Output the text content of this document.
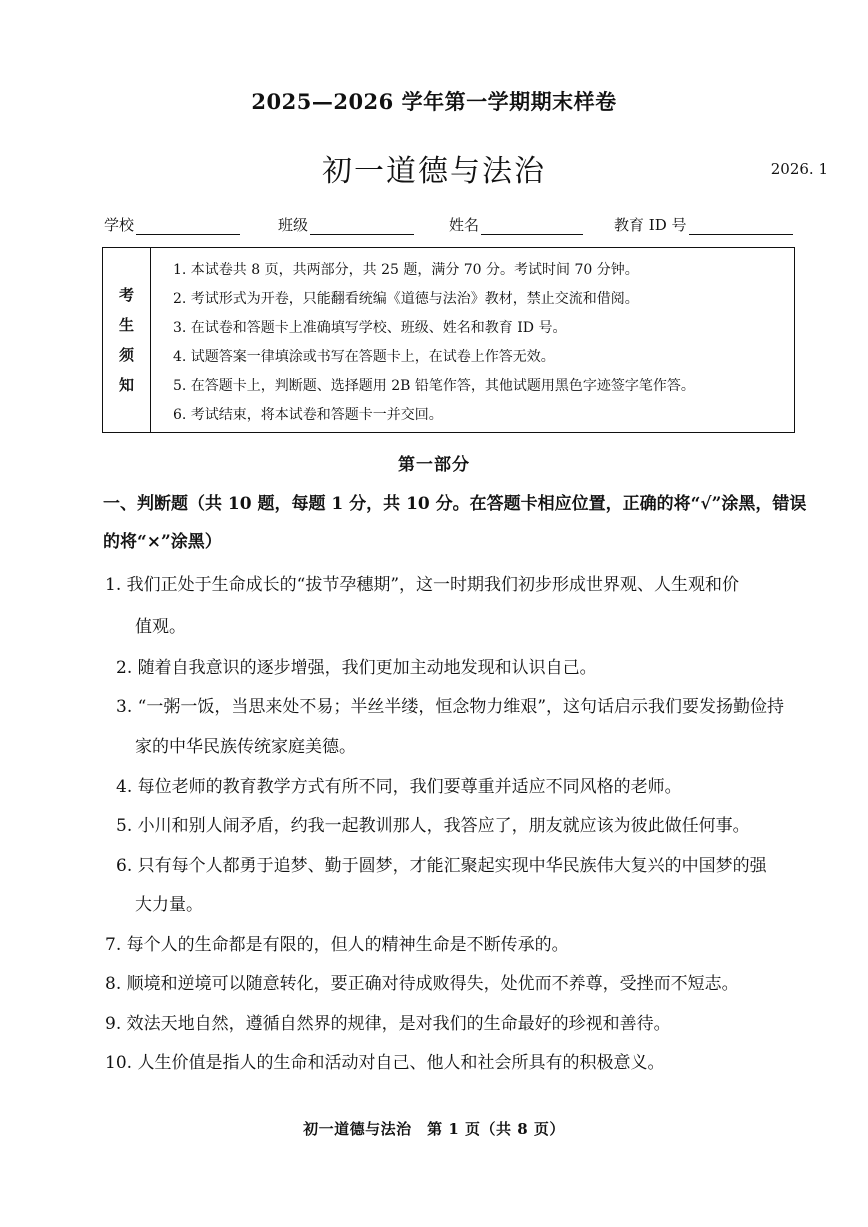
2025—2026 学年第一学期期末样卷
初一道德与法治	2026. 1
学校	班级	姓名	教育 ID 号
考
生
须
知
1. 本试卷共 8 页，共两部分，共 25 题，满分 70 分。考试时间 70 分钟。
2. 考试形式为开卷，只能翻看统编《道德与法治》教材，禁止交流和借阅。
3. 在试卷和答题卡上准确填写学校、班级、姓名和教育 ID 号。
4. 试题答案一律填涂或书写在答题卡上，在试卷上作答无效。
5. 在答题卡上，判断题、选择题用 2B 铅笔作答，其他试题用黑色字迹签字笔作答。
6. 考试结束，将本试卷和答题卡一并交回。
第一部分
一、判断题（共 10 题，每题 1 分，共 10 分。在答题卡相应位置，正确的将“√”涂黑，错误的将“×”涂黑）
1. 我们正处于生命成长的“拔节孕穗期”，这一时期我们初步形成世界观、人生观和价
值观。
2. 随着自我意识的逐步增强，我们更加主动地发现和认识自己。
3. “一粥一饭，当思来处不易；半丝半缕，恒念物力维艰”，这句话启示我们要发扬勤俭持
家的中华民族传统家庭美德。
4. 每位老师的教育教学方式有所不同，我们要尊重并适应不同风格的老师。
5. 小川和别人闹矛盾，约我一起教训那人，我答应了，朋友就应该为彼此做任何事。
6. 只有每个人都勇于追梦、勤于圆梦，才能汇聚起实现中华民族伟大复兴的中国梦的强
大力量。
7. 每个人的生命都是有限的，但人的精神生命是不断传承的。
8. 顺境和逆境可以随意转化，要正确对待成败得失，处优而不养尊，受挫而不短志。
9. 效法天地自然，遵循自然界的规律，是对我们的生命最好的珍视和善待。
10. 人生价值是指人的生命和活动对自己、他人和社会所具有的积极意义。
初一道德与法治　第 1 页（共 8 页）
